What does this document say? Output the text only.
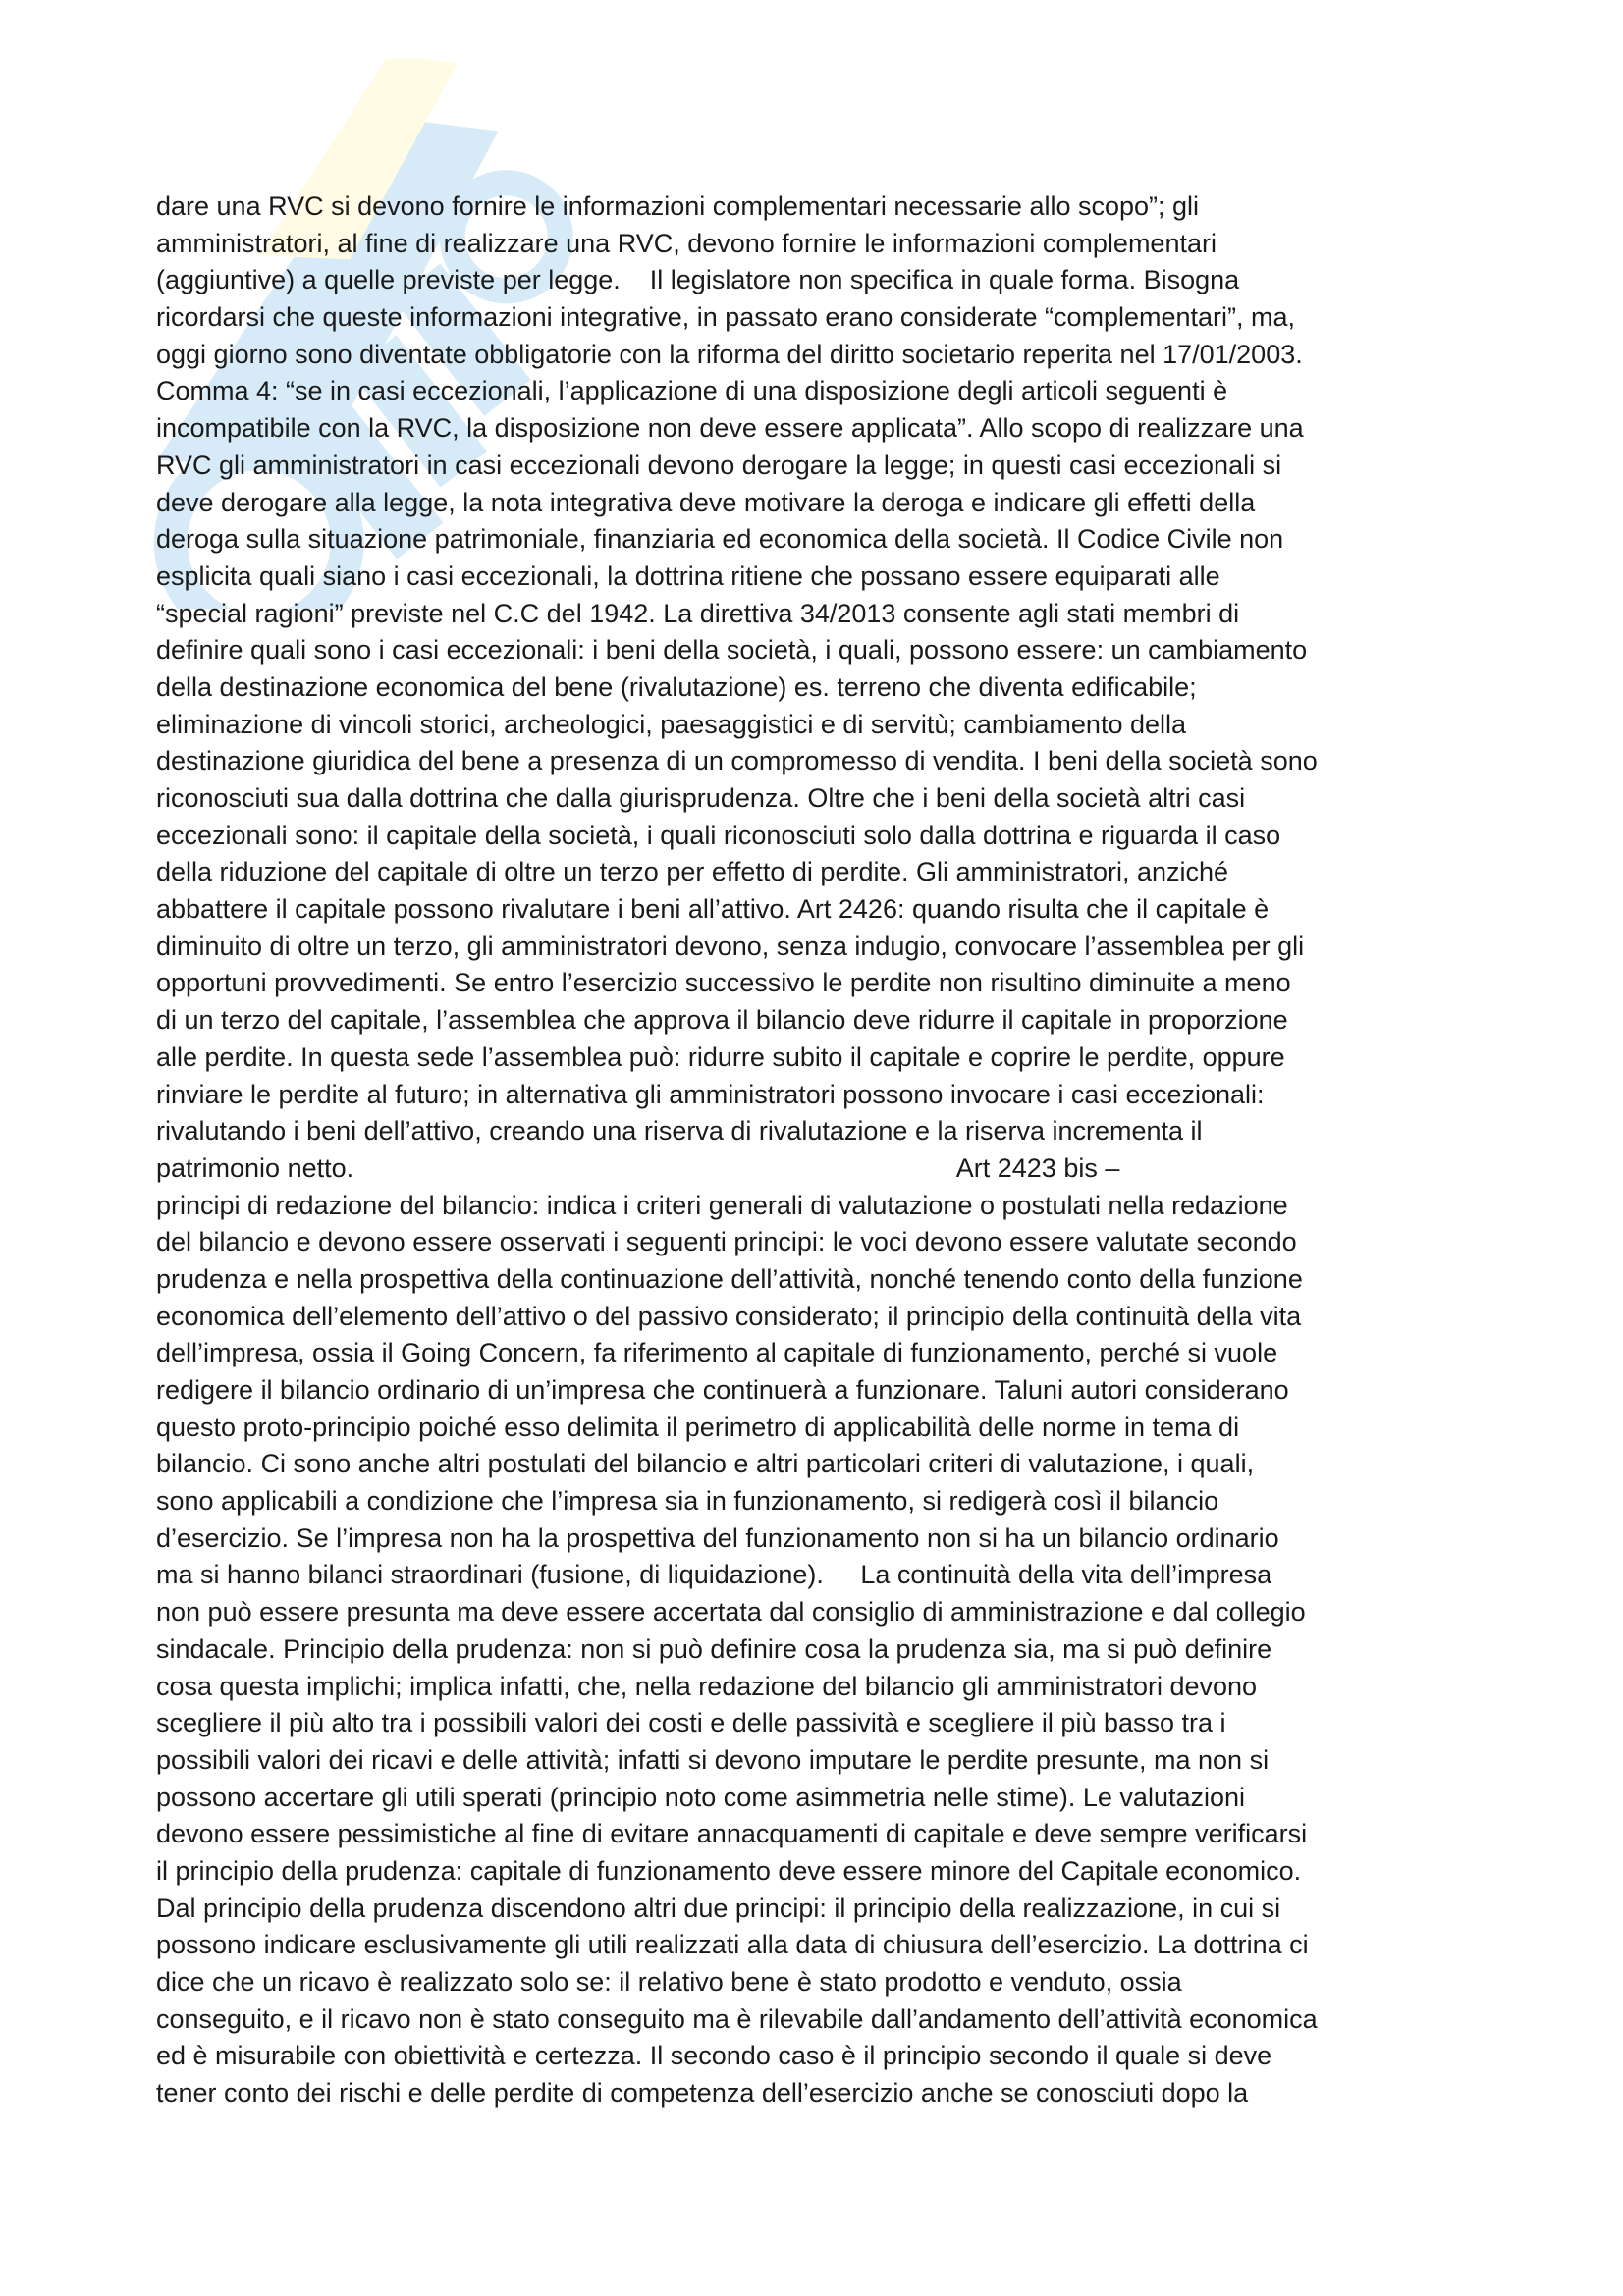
dare una RVC si devono fornire le informazioni complementari necessarie allo scopo”; gli
amministratori, al fine di realizzare una RVC, devono fornire le informazioni complementari
(aggiuntive) a quelle previste per legge.    Il legislatore non specifica in quale forma. Bisogna
ricordarsi che queste informazioni integrative, in passato erano considerate “complementari”, ma,
oggi giorno sono diventate obbligatorie con la riforma del diritto societario reperita nel 17/01/2003.
Comma 4: “se in casi eccezionali, l’applicazione di una disposizione degli articoli seguenti è
incompatibile con la RVC, la disposizione non deve essere applicata”. Allo scopo di realizzare una
RVC gli amministratori in casi eccezionali devono derogare la legge; in questi casi eccezionali si
deve derogare alla legge, la nota integrativa deve motivare la deroga e indicare gli effetti della
deroga sulla situazione patrimoniale, finanziaria ed economica della società. Il Codice Civile non
esplicita quali siano i casi eccezionali, la dottrina ritiene che possano essere equiparati alle
“special ragioni” previste nel C.C del 1942. La direttiva 34/2013 consente agli stati membri di
definire quali sono i casi eccezionali: i beni della società, i quali, possono essere: un cambiamento
della destinazione economica del bene (rivalutazione) es. terreno che diventa edificabile;
eliminazione di vincoli storici, archeologici, paesaggistici e di servitù; cambiamento della
destinazione giuridica del bene a presenza di un compromesso di vendita. I beni della società sono
riconosciuti sua dalla dottrina che dalla giurisprudenza. Oltre che i beni della società altri casi
eccezionali sono: il capitale della società, i quali riconosciuti solo dalla dottrina e riguarda il caso
della riduzione del capitale di oltre un terzo per effetto di perdite. Gli amministratori, anziché
abbattere il capitale possono rivalutare i beni all’attivo. Art 2426: quando risulta che il capitale è
diminuito di oltre un terzo, gli amministratori devono, senza indugio, convocare l’assemblea per gli
opportuni provvedimenti. Se entro l’esercizio successivo le perdite non risultino diminuite a meno
di un terzo del capitale, l’assemblea che approva il bilancio deve ridurre il capitale in proporzione
alle perdite. In questa sede l’assemblea può: ridurre subito il capitale e coprire le perdite, oppure
rinviare le perdite al futuro; in alternativa gli amministratori possono invocare i casi eccezionali:
rivalutando i beni dell’attivo, creando una riserva di rivalutazione e la riserva incrementa il
patrimonio netto.                                                                                  Art 2423 bis –
principi di redazione del bilancio: indica i criteri generali di valutazione o postulati nella redazione
del bilancio e devono essere osservati i seguenti principi: le voci devono essere valutate secondo
prudenza e nella prospettiva della continuazione dell’attività, nonché tenendo conto della funzione
economica dell’elemento dell’attivo o del passivo considerato; il principio della continuità della vita
dell’impresa, ossia il Going Concern, fa riferimento al capitale di funzionamento, perché si vuole
redigere il bilancio ordinario di un’impresa che continuerà a funzionare. Taluni autori considerano
questo proto-principio poiché esso delimita il perimetro di applicabilità delle norme in tema di
bilancio. Ci sono anche altri postulati del bilancio e altri particolari criteri di valutazione, i quali,
sono applicabili a condizione che l’impresa sia in funzionamento, si redigerà così il bilancio
d’esercizio. Se l’impresa non ha la prospettiva del funzionamento non si ha un bilancio ordinario
ma si hanno bilanci straordinari (fusione, di liquidazione).     La continuità della vita dell’impresa
non può essere presunta ma deve essere accertata dal consiglio di amministrazione e dal collegio
sindacale. Principio della prudenza: non si può definire cosa la prudenza sia, ma si può definire
cosa questa implichi; implica infatti, che, nella redazione del bilancio gli amministratori devono
scegliere il più alto tra i possibili valori dei costi e delle passività e scegliere il più basso tra i
possibili valori dei ricavi e delle attività; infatti si devono imputare le perdite presunte, ma non si
possono accertare gli utili sperati (principio noto come asimmetria nelle stime). Le valutazioni
devono essere pessimistiche al fine di evitare annacquamenti di capitale e deve sempre verificarsi
il principio della prudenza: capitale di funzionamento deve essere minore del Capitale economico.
Dal principio della prudenza discendono altri due principi: il principio della realizzazione, in cui si
possono indicare esclusivamente gli utili realizzati alla data di chiusura dell’esercizio. La dottrina ci
dice che un ricavo è realizzato solo se: il relativo bene è stato prodotto e venduto, ossia
conseguito, e il ricavo non è stato conseguito ma è rilevabile dall’andamento dell’attività economica
ed è misurabile con obiettività e certezza. Il secondo caso è il principio secondo il quale si deve
tener conto dei rischi e delle perdite di competenza dell’esercizio anche se conosciuti dopo la
